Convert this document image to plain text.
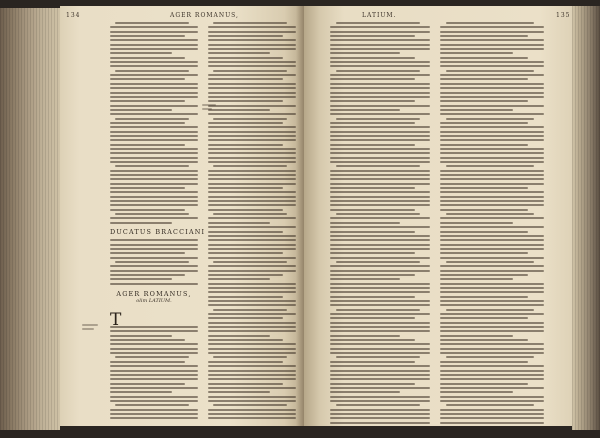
134	AGER ROMANUS,
DUCATUS BRACCIANI
AGER ROMANUS,
olim LATIUM.
T
LATIUM.	135
